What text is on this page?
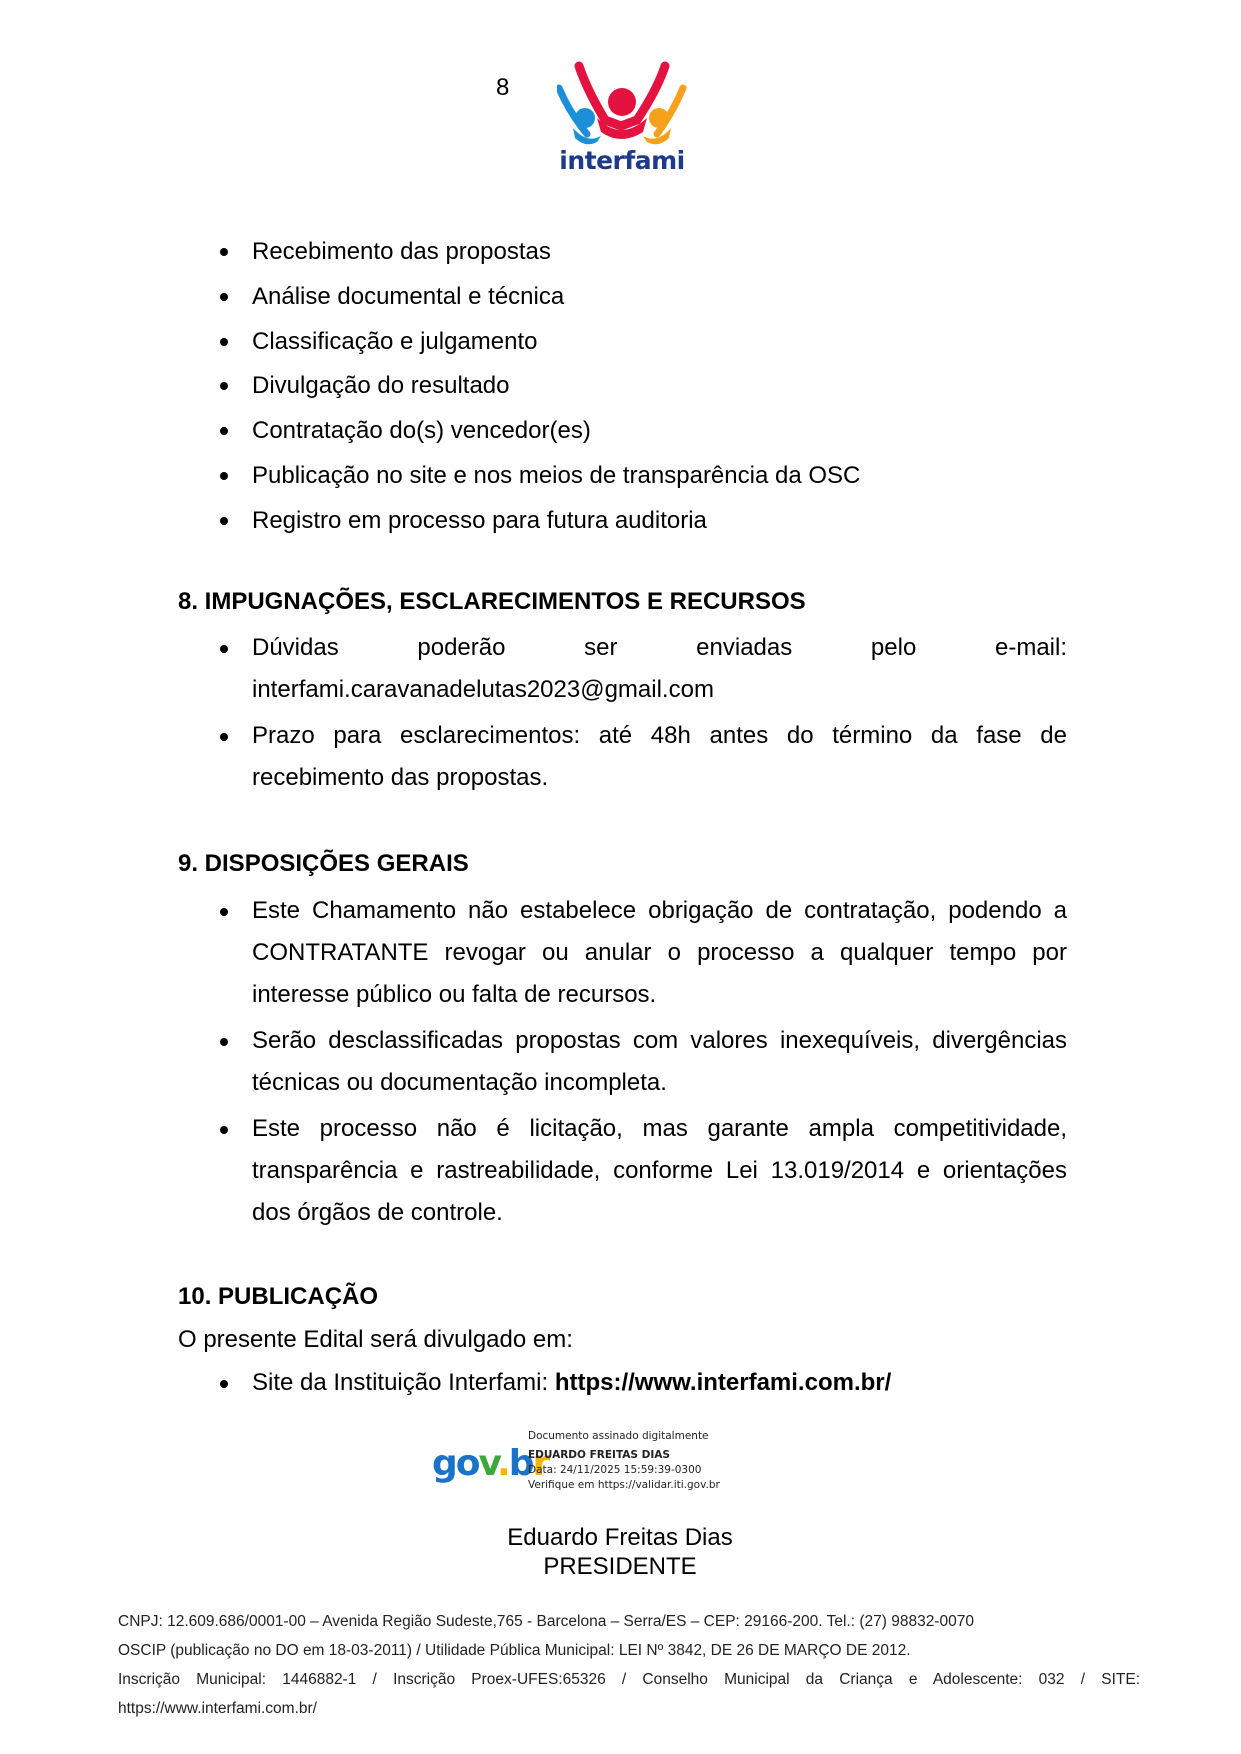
8
interfami
Recebimento das propostas
Análise documental e técnica
Classificação e julgamento
Divulgação do resultado
Contratação do(s) vencedor(es)
Publicação no site e nos meios de transparência da OSC
Registro em processo para futura auditoria
8. IMPUGNAÇÕES, ESCLARECIMENTOS E RECURSOS
Dúvidas poderão ser enviadas pelo e-mail:
interfami.caravanadelutas2023@gmail.com
Prazo para esclarecimentos: até 48h antes do término da fase de recebimento das propostas.
9. DISPOSIÇÕES GERAIS
Este Chamamento não estabelece obrigação de contratação, podendo a CONTRATANTE revogar ou anular o processo a qualquer tempo por interesse público ou falta de recursos.
Serão desclassificadas propostas com valores inexequíveis, divergências técnicas ou documentação incompleta.
Este processo não é licitação, mas garante ampla competitividade, transparência e rastreabilidade, conforme Lei 13.019/2014 e orientações dos órgãos de controle.
10. PUBLICAÇÃO
O presente Edital será divulgado em:
Site da Instituição Interfami: https://www.interfami.com.br/
gov.br
Documento assinado digitalmente
EDUARDO FREITAS DIAS
Data: 24/11/2025 15:59:39-0300
Verifique em https://validar.iti.gov.br
Eduardo Freitas Dias
PRESIDENTE
CNPJ: 12.609.686/0001-00 – Avenida Região Sudeste,765 - Barcelona – Serra/ES – CEP: 29166-200. Tel.: (27) 98832-0070
OSCIP (publicação no DO em 18-03-2011) / Utilidade Pública Municipal: LEI Nº 3842, DE 26 DE MARÇO DE 2012.
Inscrição Municipal: 1446882-1 / Inscrição Proex-UFES:65326 / Conselho Municipal da Criança e Adolescente: 032 / SITE:
https://www.interfami.com.br/
